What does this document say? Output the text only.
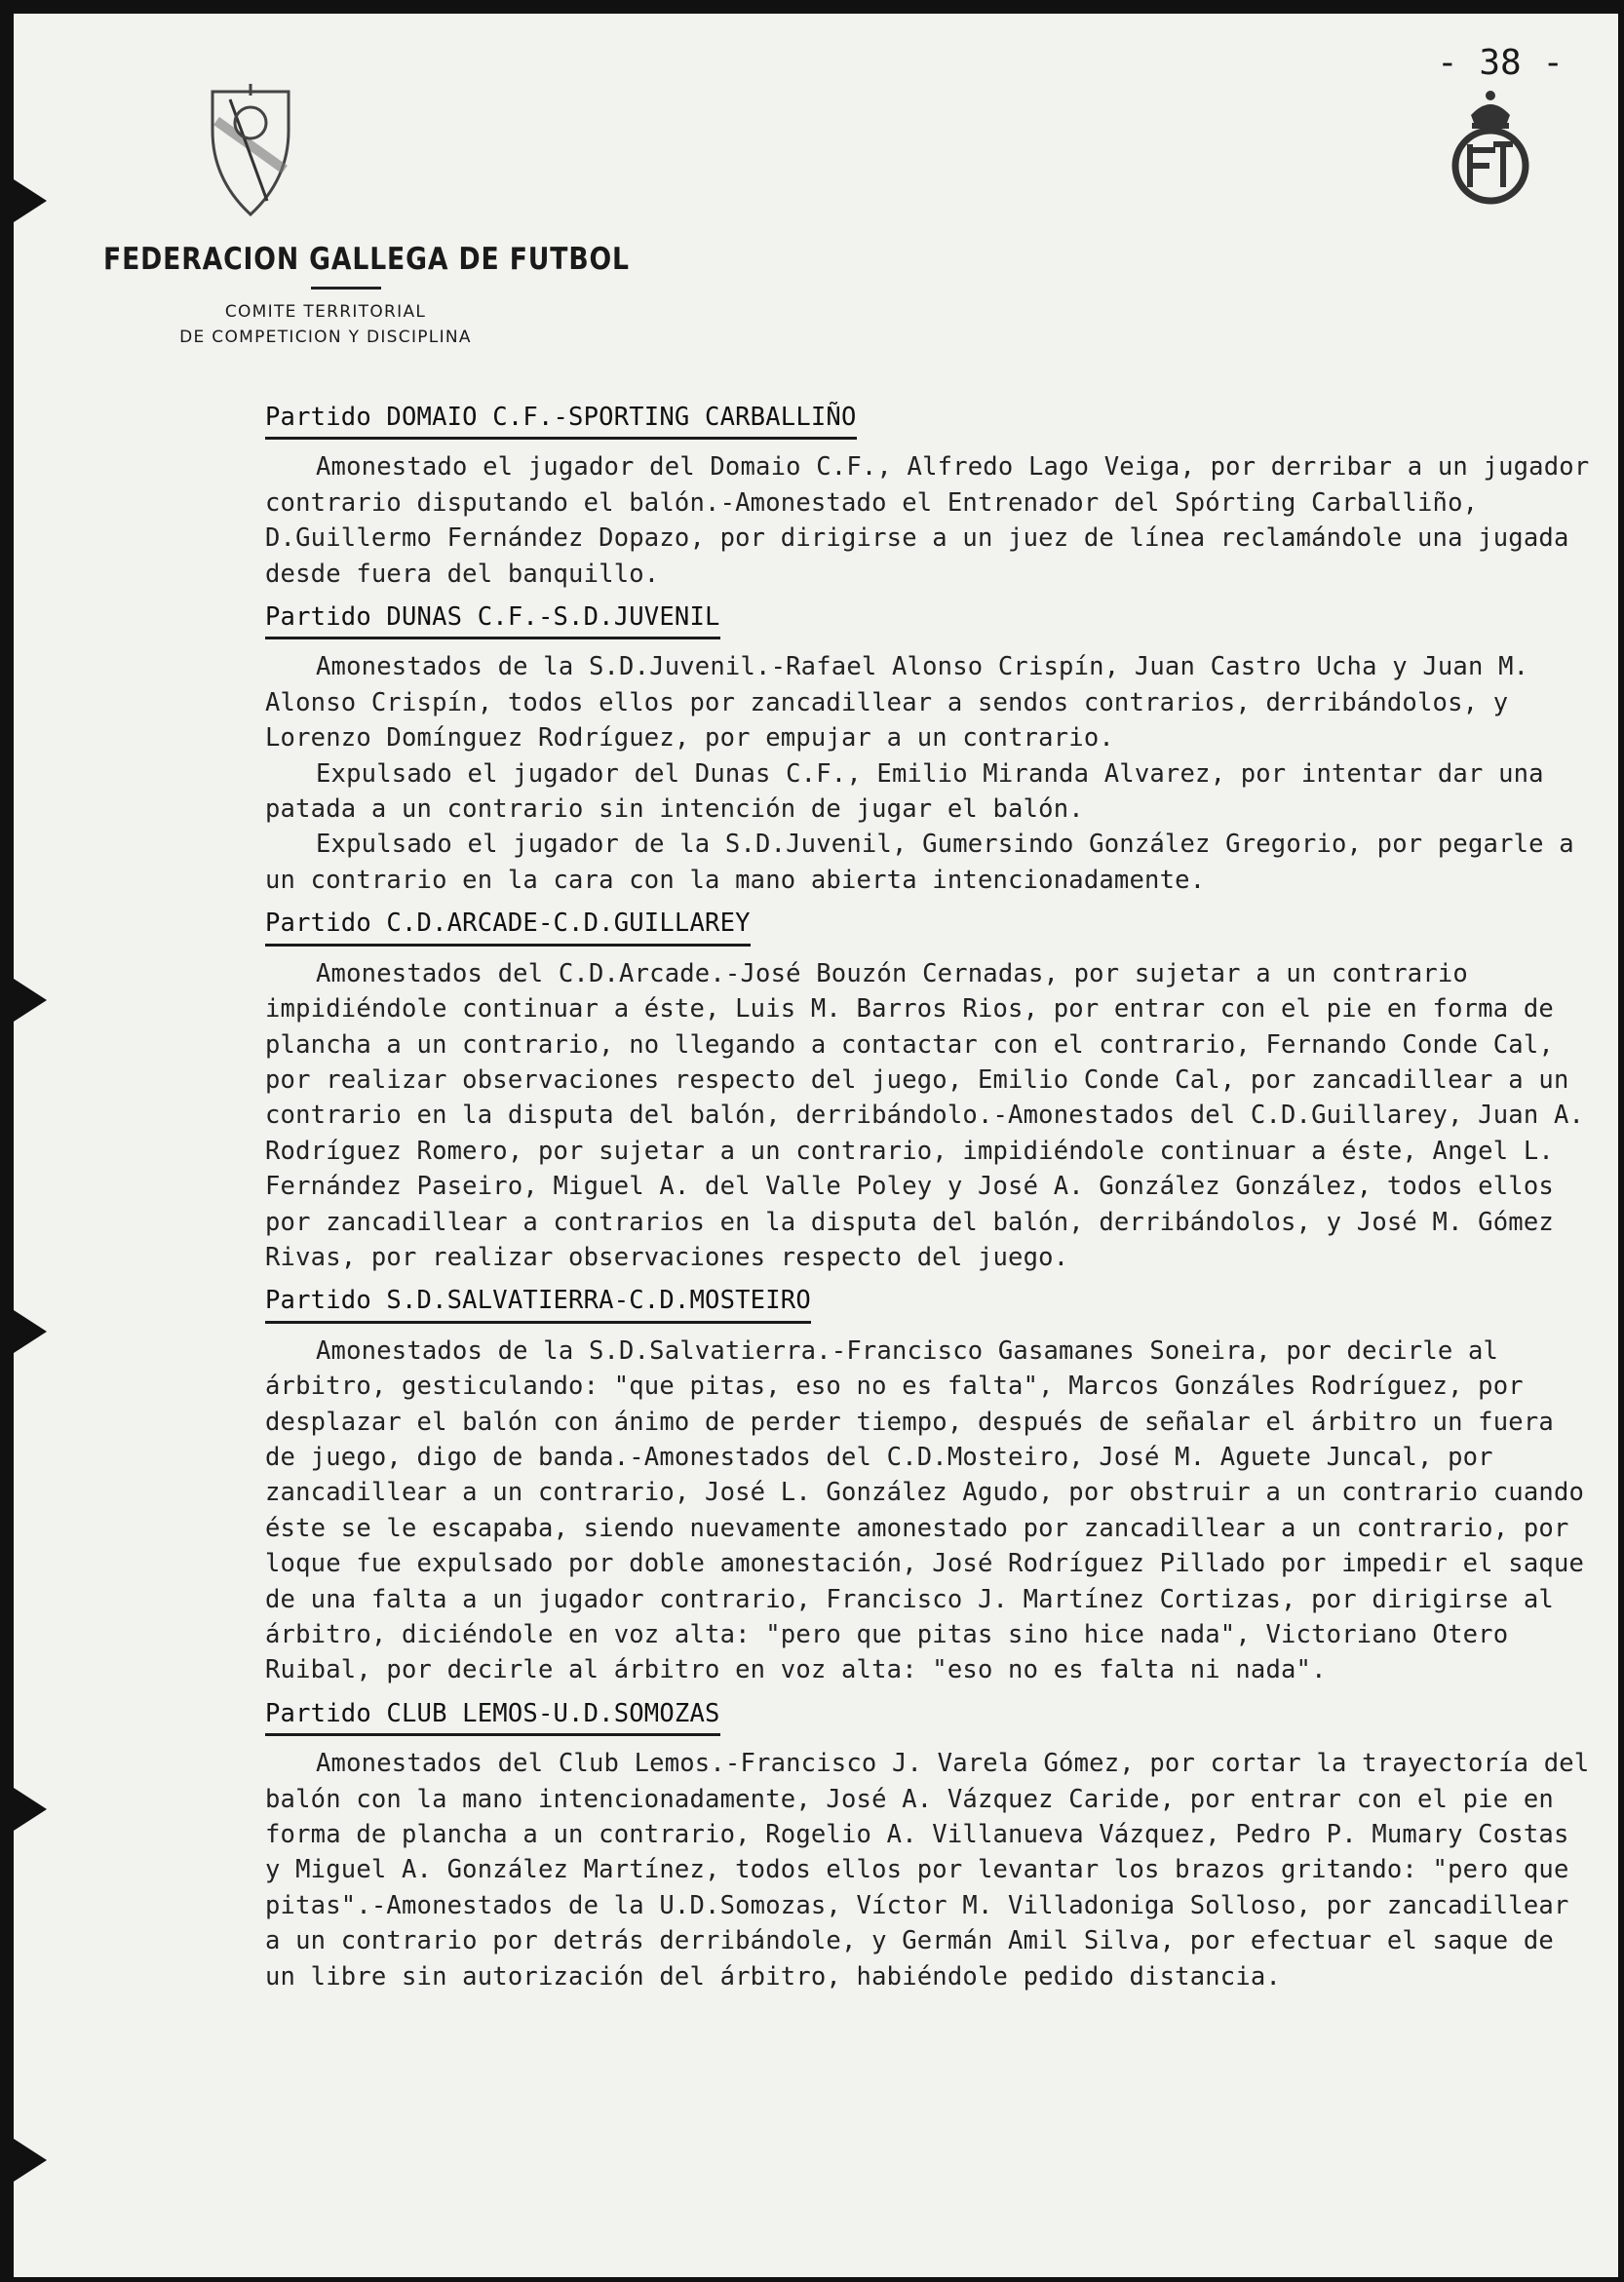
FEDERACION GALLEGA DE FUTBOL
COMITE TERRITORIAL
DE COMPETICION Y DISCIPLINA
- 38 -
Partido DOMAIO C.F.-SPORTING CARBALLIÑO

Amonestado el jugador del Domaio C.F., Alfredo Lago Veiga, por derribar a un jugador contrario disputando el balón.-Amonestado el Entrenador del Spórting Carballiño, D.Guillermo Fernández Dopazo, por dirigirse a un juez de línea reclamándole una jugada desde fuera del banquillo.

Partido DUNAS C.F.-S.D.JUVENIL

Amonestados de la S.D.Juvenil.-Rafael Alonso Crispín, Juan Castro Ucha y Juan M. Alonso Crispín, todos ellos por zancadillear a sendos contrarios, derribándolos, y Lorenzo Domínguez Rodríguez, por empujar a un contrario.

Expulsado el jugador del Dunas C.F., Emilio Miranda Alvarez, por intentar dar una patada a un contrario sin intención de jugar el balón.

Expulsado el jugador de la S.D.Juvenil, Gumersindo González Gregorio, por pegarle a un contrario en la cara con la mano abierta intencionadamente.

Partido C.D.ARCADE-C.D.GUILLAREY

Amonestados del C.D.Arcade.-José Bouzón Cernadas, por sujetar a un contrario impidiéndole continuar a éste, Luis M. Barros Rios, por entrar con el pie en forma de plancha a un contrario, no llegando a contactar con el contrario, Fernando Conde Cal, por realizar observaciones respecto del juego, Emilio Conde Cal, por zancadillear a un contrario en la disputa del balón, derribándolo.-Amonestados del C.D.Guillarey, Juan A. Rodríguez Romero, por sujetar a un contrario, impidiéndole continuar a éste, Angel L. Fernández Paseiro, Miguel A. del Valle Poley y José A. González González, todos ellos por zancadillear a contrarios en la disputa del balón, derribándolos, y José M. Gómez Rivas, por realizar observaciones respecto del juego.

Partido S.D.SALVATIERRA-C.D.MOSTEIRO

Amonestados de la S.D.Salvatierra.-Francisco Gasamanes Soneira, por decirle al árbitro, gesticulando: "que pitas, eso no es falta", Marcos Gonzáles Rodríguez, por desplazar el balón con ánimo de perder tiempo, después de señalar el árbitro un fuera de juego, digo de banda.-Amonestados del C.D.Mosteiro, José M. Aguete Juncal, por zancadillear a un contrario, José L. González Agudo, por obstruir a un contrario cuando éste se le escapaba, siendo nuevamente amonestado por zancadillear a un contrario, por loque fue expulsado por doble amonestación, José Rodríguez Pillado por impedir el saque de una falta a un jugador contrario, Francisco J. Martínez Cortizas, por dirigirse al árbitro, diciéndole en voz alta: "pero que pitas sino hice nada", Victoriano Otero Ruibal, por decirle al árbitro en voz alta: "eso no es falta ni nada".

Partido CLUB LEMOS-U.D.SOMOZAS

Amonestados del Club Lemos.-Francisco J. Varela Gómez, por cortar la trayectoría del balón con la mano intencionadamente, José A. Vázquez Caride, por entrar con el pie en forma de plancha a un contrario, Rogelio A. Villanueva Vázquez, Pedro P. Mumary Costas y Miguel A. González Martínez, todos ellos por levantar los brazos gritando: "pero que pitas".-Amonestados de la U.D.Somozas, Víctor M. Villadoniga Solloso, por zancadillear a un contrario por detrás derribándole, y Germán Amil Silva, por efectuar el saque de un libre sin autorización del árbitro, habiéndole pedido distancia.
